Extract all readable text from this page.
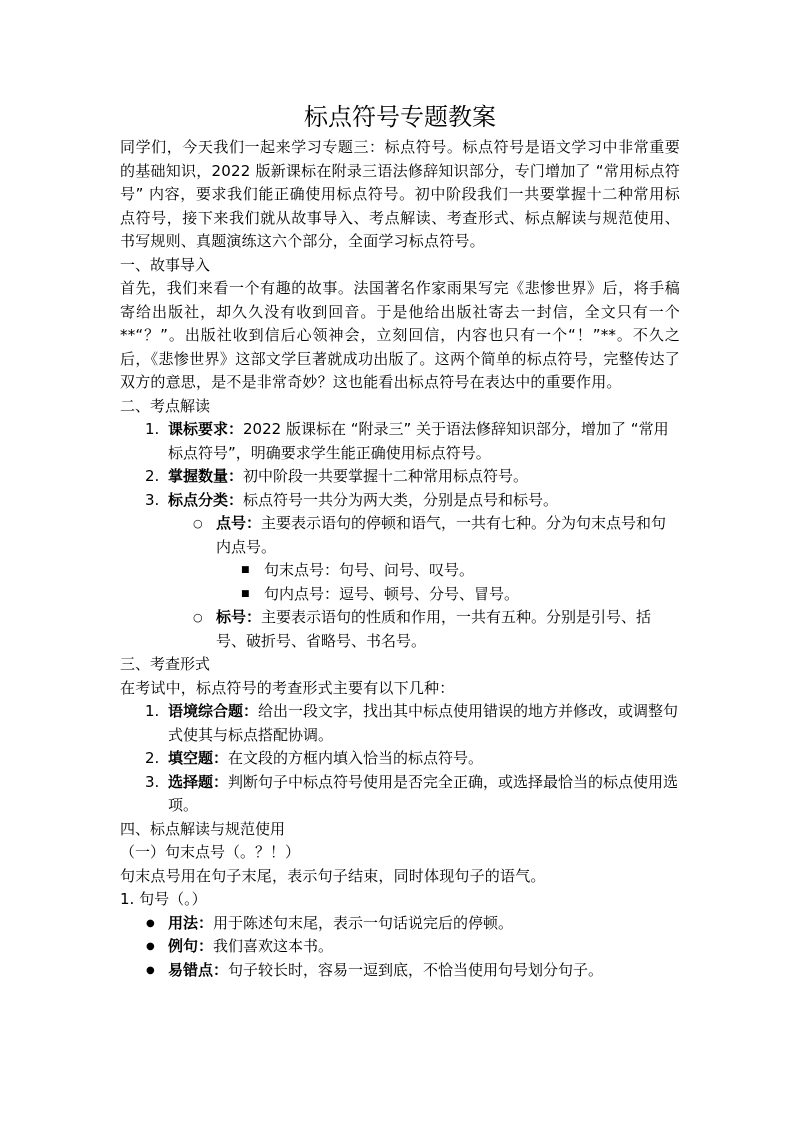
标点符号专题教案

同学们，今天我们一起来学习专题三：标点符号。标点符号是语文学习中非常重要的基础知识，2022 版新课标在附录三语法修辞知识部分，专门增加了 “常用标点符号” 内容，要求我们能正确使用标点符号。初中阶段我们一共要掌握十二种常用标点符号，接下来我们就从故事导入、考点解读、考查形式、标点解读与规范使用、书写规则、真题演练这六个部分，全面学习标点符号。

一、故事导入

首先，我们来看一个有趣的故事。法国著名作家雨果写完《悲惨世界》后，将手稿寄给出版社，却久久没有收到回音。于是他给出版社寄去一封信，全文只有一个 **“？”。出版社收到信后心领神会，立刻回信，内容也只有一个“！”**。不久之后，《悲惨世界》这部文学巨著就成功出版了。这两个简单的标点符号，完整传达了双方的意思，是不是非常奇妙？这也能看出标点符号在表达中的重要作用。

二、考点解读
1. 课标要求：2022 版课标在 “附录三” 关于语法修辞知识部分，增加了 “常用标点符号”，明确要求学生能正确使用标点符号。
2. 掌握数量：初中阶段一共要掌握十二种常用标点符号。
3. 标点分类：标点符号一共分为两大类，分别是点号和标号。
○ 点号：主要表示语句的停顿和语气，一共有七种。分为句末点号和句内点号。
■ 句末点号：句号、问号、叹号。
■ 句内点号：逗号、顿号、分号、冒号。
○ 标号：主要表示语句的性质和作用，一共有五种。分别是引号、括号、破折号、省略号、书名号。
三、考查形式

在考试中，标点符号的考查形式主要有以下几种：

1. 语境综合题：给出一段文字，找出其中标点使用错误的地方并修改，或调整句式使其与标点搭配协调。
2. 填空题：在文段的方框内填入恰当的标点符号。
3. 选择题：判断句子中标点符号使用是否完全正确，或选择最恰当的标点使用选项。
四、标点解读与规范使用
（一）句末点号（。？！）

句末点号用在句子末尾，表示句子结束，同时体现句子的语气。

1. 句号（。）
● 用法：用于陈述句末尾，表示一句话说完后的停顿。
● 例句：我们喜欢这本书。
● 易错点：句子较长时，容易一逗到底，不恰当使用句号划分句子。
